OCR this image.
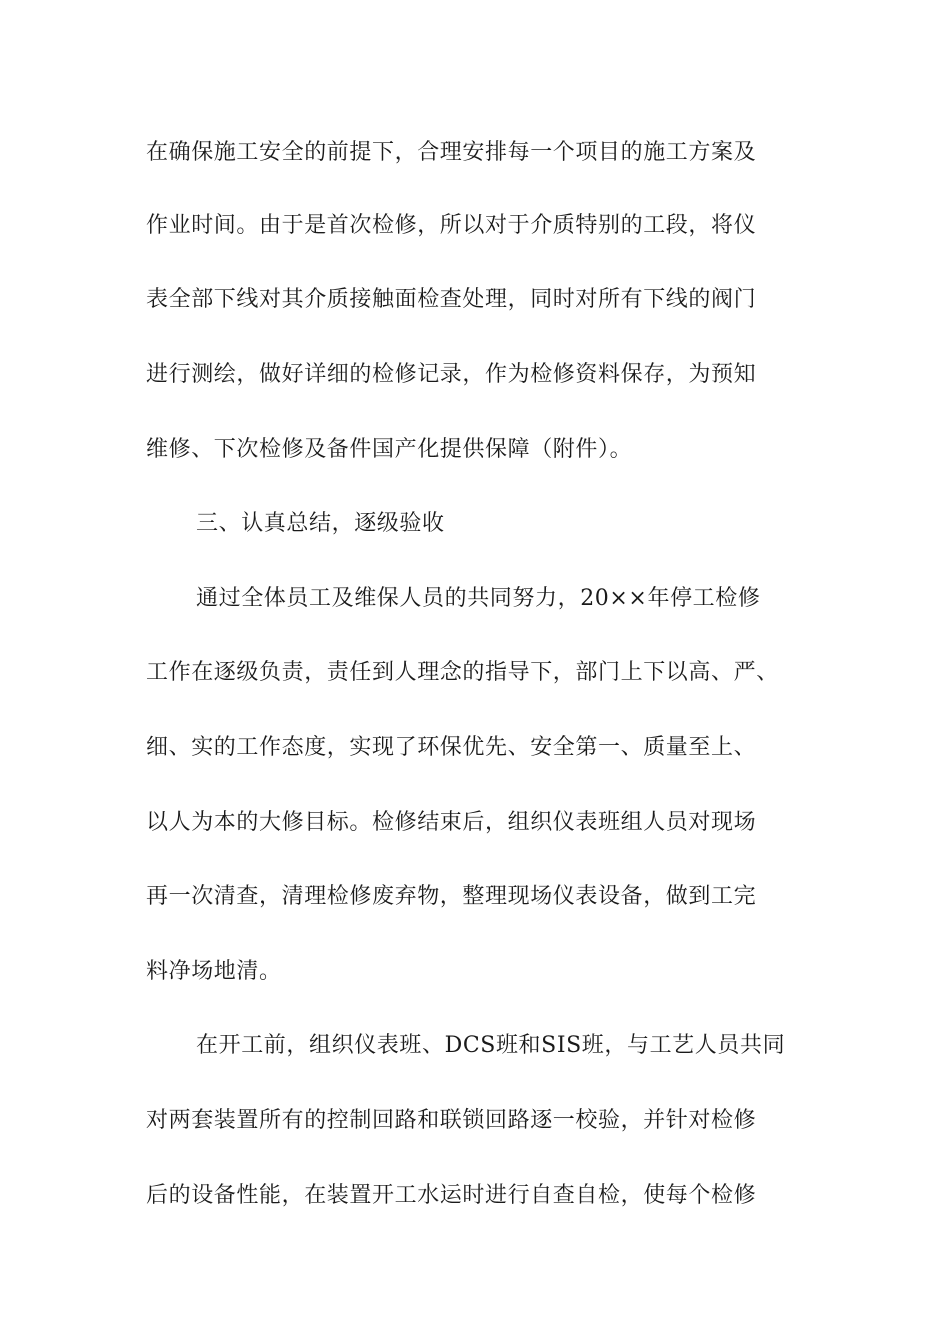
在确保施工安全的前提下，合理安排每一个项目的施工方案及

作业时间。由于是首次检修，所以对于介质特别的工段，将仪

表全部下线对其介质接触面检查处理，同时对所有下线的阀门

进行测绘，做好详细的检修记录，作为检修资料保存，为预知

维修、下次检修及备件国产化提供保障（附件）。

三、认真总结，逐级验收

通过全体员工及维保人员的共同努力，20××年停工检修

工作在逐级负责，责任到人理念的指导下，部门上下以高、严、

细、实的工作态度，实现了环保优先、安全第一、质量至上、

以人为本的大修目标。检修结束后，组织仪表班组人员对现场

再一次清查，清理检修废弃物，整理现场仪表设备，做到工完

料净场地清。

在开工前，组织仪表班、DCS班和SIS班，与工艺人员共同

对两套装置所有的控制回路和联锁回路逐一校验，并针对检修

后的设备性能，在装置开工水运时进行自查自检，使每个检修
